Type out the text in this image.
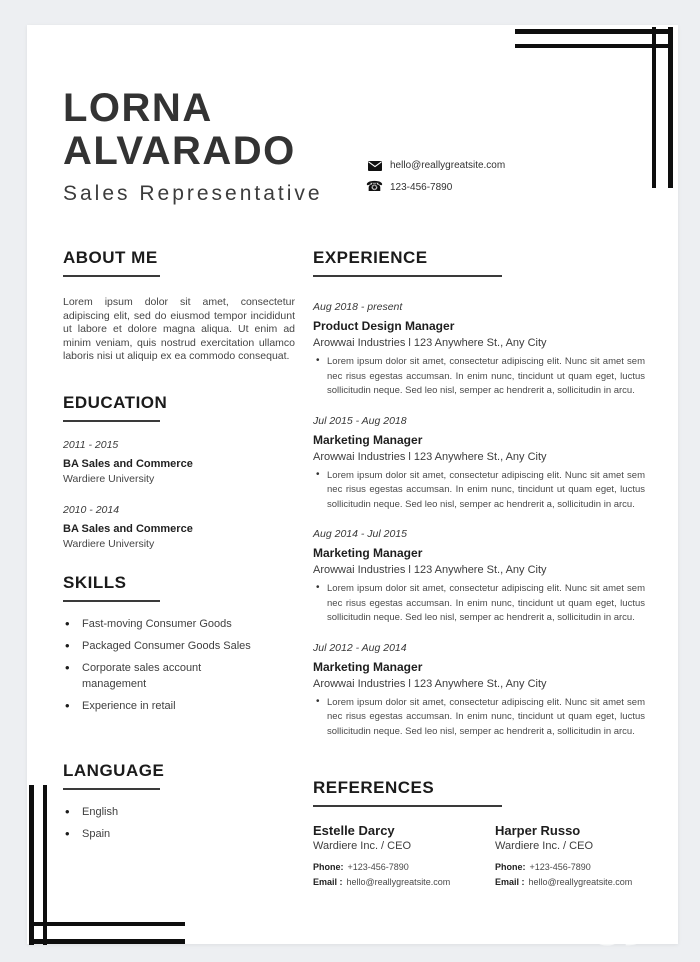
LORNA
ALVARADO
Sales Representative
hello@reallygreatsite.com
☎ 123-456-7890
ABOUT ME

Lorem ipsum dolor sit amet, consectetur adipiscing elit, sed do eiusmod tempor incididunt ut labore et dolore magna aliqua. Ut enim ad minim veniam, quis nostrud exercitation ullamco laboris nisi ut aliquip ex ea commodo consequat.

EDUCATION
2011 - 2015
BA Sales and Commerce
Wardiere University
2010 - 2014
BA Sales and Commerce
Wardiere University
SKILLS
• Fast-moving Consumer Goods
• Packaged Consumer Goods Sales
• Corporate sales account management
• Experience in retail
LANGUAGE
• English
• Spain
EXPERIENCE
Aug 2018 - present
Product Design Manager
Arowwai Industries l 123 Anywhere St., Any City
• Lorem ipsum dolor sit amet, consectetur adipiscing elit. Nunc sit amet sem nec risus egestas accumsan. In enim nunc, tincidunt ut quam eget, luctus sollicitudin neque. Sed leo nisl, semper ac hendrerit a, sollicitudin in arcu.
Jul 2015 - Aug 2018
Marketing Manager
Arowwai Industries l 123 Anywhere St., Any City
• Lorem ipsum dolor sit amet, consectetur adipiscing elit. Nunc sit amet sem nec risus egestas accumsan. In enim nunc, tincidunt ut quam eget, luctus sollicitudin neque. Sed leo nisl, semper ac hendrerit a, sollicitudin in arcu.
Aug 2014 - Jul 2015
Marketing Manager
Arowwai Industries l 123 Anywhere St., Any City
• Lorem ipsum dolor sit amet, consectetur adipiscing elit. Nunc sit amet sem nec risus egestas accumsan. In enim nunc, tincidunt ut quam eget, luctus sollicitudin neque. Sed leo nisl, semper ac hendrerit a, sollicitudin in arcu.
Jul 2012 - Aug 2014
Marketing Manager
Arowwai Industries l 123 Anywhere St., Any City
• Lorem ipsum dolor sit amet, consectetur adipiscing elit. Nunc sit amet sem nec risus egestas accumsan. In enim nunc, tincidunt ut quam eget, luctus sollicitudin neque. Sed leo nisl, semper ac hendrerit a, sollicitudin in arcu.
REFERENCES
Estelle Darcy
Wardiere Inc. / CEO
Phone: +123-456-7890
Email : hello@reallygreatsite.com
Harper Russo
Wardiere Inc. / CEO
Phone: +123-456-7890
Email : hello@reallygreatsite.com
حراج
